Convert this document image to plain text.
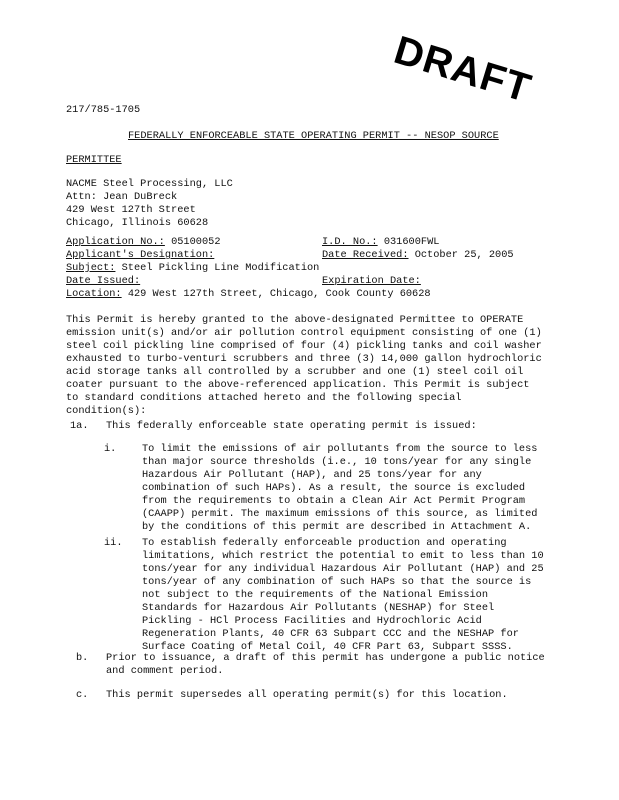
DRAFT
217/785-1705
FEDERALLY ENFORCEABLE STATE OPERATING PERMIT -- NESOP SOURCE
PERMITTEE
NACME Steel Processing, LLC
Attn: Jean DuBreck
429 West 127th Street
Chicago, Illinois 60628
Application No.: 05100052	I.D. No.: 031600FWL
Applicant's Designation:	Date Received: October 25, 2005
Subject: Steel Pickling Line Modification
Date Issued:	Expiration Date:
Location: 429 West 127th Street, Chicago, Cook County 60628
This Permit is hereby granted to the above-designated Permittee to OPERATE
emission unit(s) and/or air pollution control equipment consisting of one (1)
steel coil pickling line comprised of four (4) pickling tanks and coil washer
exhausted to turbo-venturi scrubbers and three (3) 14,000 gallon hydrochloric
acid storage tanks all controlled by a scrubber and one (1) steel coil oil
coater pursuant to the above-referenced application. This Permit is subject
to standard conditions attached hereto and the following special
condition(s):
1a. This federally enforceable state operating permit is issued:
i. To limit the emissions of air pollutants from the source to less
than major source thresholds (i.e., 10 tons/year for any single
Hazardous Air Pollutant (HAP), and 25 tons/year for any
combination of such HAPs). As a result, the source is excluded
from the requirements to obtain a Clean Air Act Permit Program
(CAAPP) permit. The maximum emissions of this source, as limited
by the conditions of this permit are described in Attachment A.
ii. To establish federally enforceable production and operating
limitations, which restrict the potential to emit to less than 10
tons/year for any individual Hazardous Air Pollutant (HAP) and 25
tons/year of any combination of such HAPs so that the source is
not subject to the requirements of the National Emission
Standards for Hazardous Air Pollutants (NESHAP) for Steel
Pickling - HCl Process Facilities and Hydrochloric Acid
Regeneration Plants, 40 CFR 63 Subpart CCC and the NESHAP for
Surface Coating of Metal Coil, 40 CFR Part 63, Subpart SSSS.
b. Prior to issuance, a draft of this permit has undergone a public notice
and comment period.
c. This permit supersedes all operating permit(s) for this location.
